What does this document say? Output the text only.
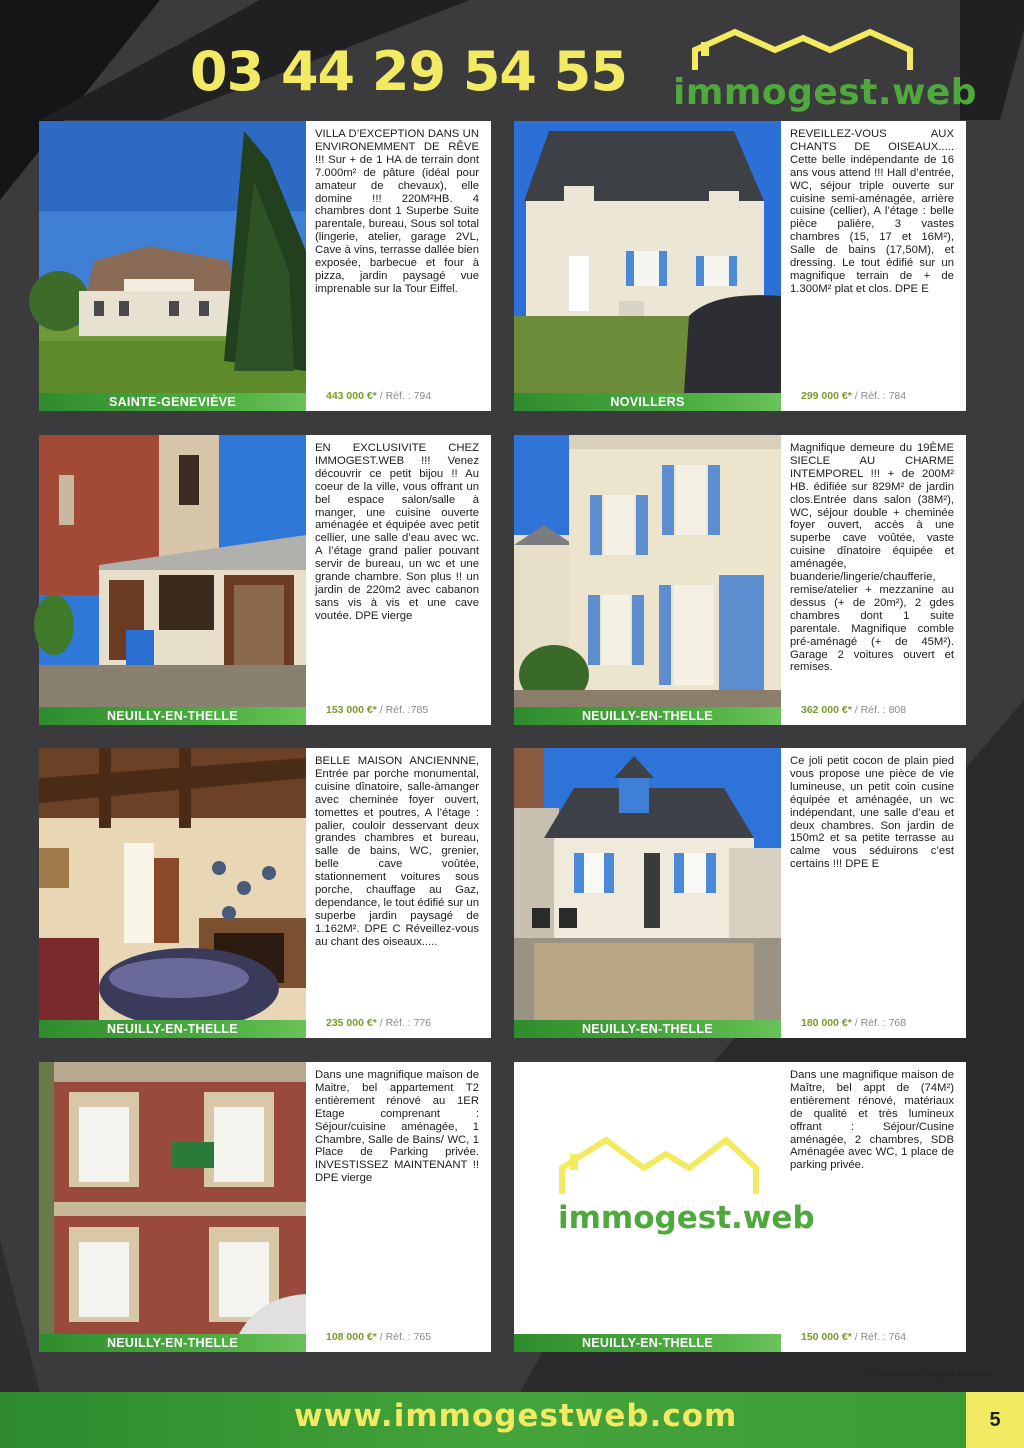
03 44 29 54 55 immogest.web
SAINTE-GENEVIÈVE
VILLA D’EXCEPTION DANS UN ENVIRONEMMENT DE RÊVE !!! Sur + de 1 HA de terrain dont 7.000m² de pâture (idéal pour amateur de chevaux), elle domine !!! 220M²HB. 4 chambres dont 1 Superbe Suite parentale, bureau, Sous sol total (lingerie, atelier, garage 2VL, Cave à vins, terrasse dallée bien exposée, barbecue et four à pizza, jardin paysagé vue imprenable sur la Tour Eiffel.
443 000 €* / Réf. : 794	NOVILLERS
REVEILLEZ-VOUS AUX CHANTS DE OISEAUX..... Cette belle indépendante de 16 ans vous attend !!! Hall d’entrée, WC, séjour triple ouverte sur cuisine semi-aménagée, arrière cuisine (cellier), A l’étage : belle pièce palière, 3 vastes chambres (15, 17 et 16M²), Salle de bains (17,50M), et dressing. Le tout édifié sur un magnifique terrain de + de 1.300M² plat et clos. DPE E
299 000 €* / Réf. : 784
NEUILLY-EN-THELLE
EN EXCLUSIVITE CHEZ IMMOGEST.WEB !!! Venez découvrir ce petit bijou !! Au coeur de la ville, vous offrant un bel espace salon/salle à manger, une cuisine ouverte aménagée et équipée avec petit cellier, une salle d’eau avec wc. A l’étage grand palier pouvant servir de bureau, un wc et une grande chambre. Son plus !! un jardin de 220m2 avec cabanon sans vis à vis et une cave voutée. DPE vierge
153 000 €* / Réf. :785	NEUILLY-EN-THELLE
Magnifique demeure du 19ÈME SIECLE AU CHARME INTEMPOREL !!! + de 200M² HB. édifiée sur 829M² de jardin clos.Entrée dans salon (38M²), WC, séjour double + cheminée foyer ouvert, accès à une superbe cave voûtée, vaste cuisine dînatoire équipée et aménagée, buanderie/lingerie/chaufferie, remise/atelier + mezzanine au dessus (+ de 20m²), 2 gdes chambres dont 1 suite parentale. Magnifique comble pré-aménagé (+ de 45M²). Garage 2 voitures ouvert et remises.
362 000 €* / Réf. : 808
NEUILLY-EN-THELLE
BELLE MAISON ANCIENNNE, Entrée par porche monumental, cuisine dînatoire, salle-àmanger avec cheminée foyer ouvert, tomettes et poutres, A l’étage : palier, couloir desservant deux grandes chambres et bureau, salle de bains, WC, grenier, belle cave voûtée, stationnement voitures sous porche, chauffage au Gaz, dependance, le tout édifié sur un superbe jardin paysagé de 1.162M². DPE C Réveillez-vous au chant des oiseaux.....
235 000 €* / Réf. : 776	NEUILLY-EN-THELLE
Ce joli petit cocon de plain pied vous propose une pièce de vie lumineuse, un petit coin cusine équipée et aménagée, un wc indépendant, une salle d’eau et deux chambres. Son jardin de 150m2 et sa petite terrasse au calme vous séduirons c’est certains !!! DPE E
180 000 €* / Réf. : 768
NEUILLY-EN-THELLE
Dans une magnifique maison de Maitre, bel appartement T2 entièrement rénové au 1ER Etage comprenant : Séjour/cuisine aménagée, 1 Chambre, Salle de Bains/ WC, 1 Place de Parking privée. INVESTISSEZ MAINTENANT !! DPE vierge
108 000 €* / Réf. : 765
immogest.web
NEUILLY-EN-THELLE
Dans une magnifique maison de Maître, bel appt de (74M²) entièrement rénové, matériaux de qualité et très lumineux offrant : Séjour/Cusine aménagée, 2 chambres, SDB Aménagée avec WC, 1 place de parking privée.
150 000 €* / Réf. : 764
* Honoraires charges vendeur
www.immogestweb.com	5
